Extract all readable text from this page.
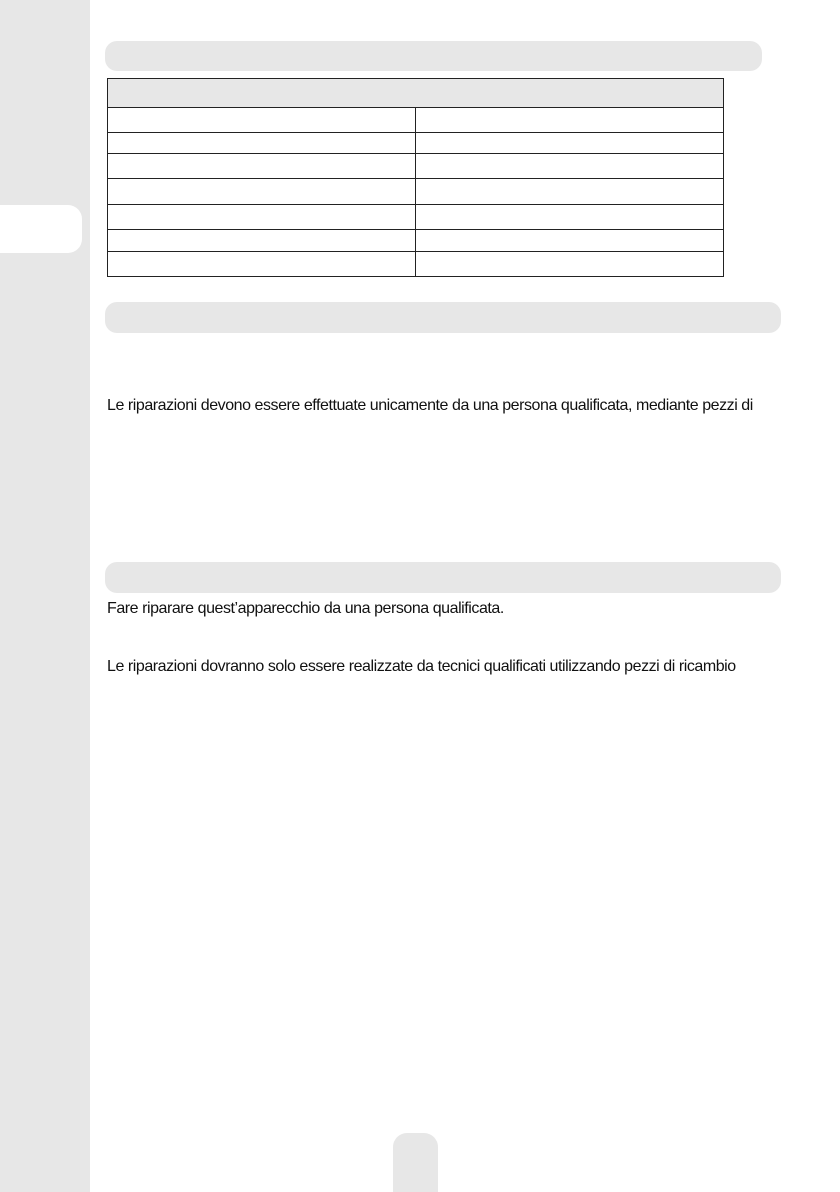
Le riparazioni devono essere effettuate unicamente da una persona qualificata, mediante pezzi di

Fare riparare quest’apparecchio da una persona qualificata.

Le riparazioni dovranno solo essere realizzate da tecnici qualificati utilizzando pezzi di ricambio
